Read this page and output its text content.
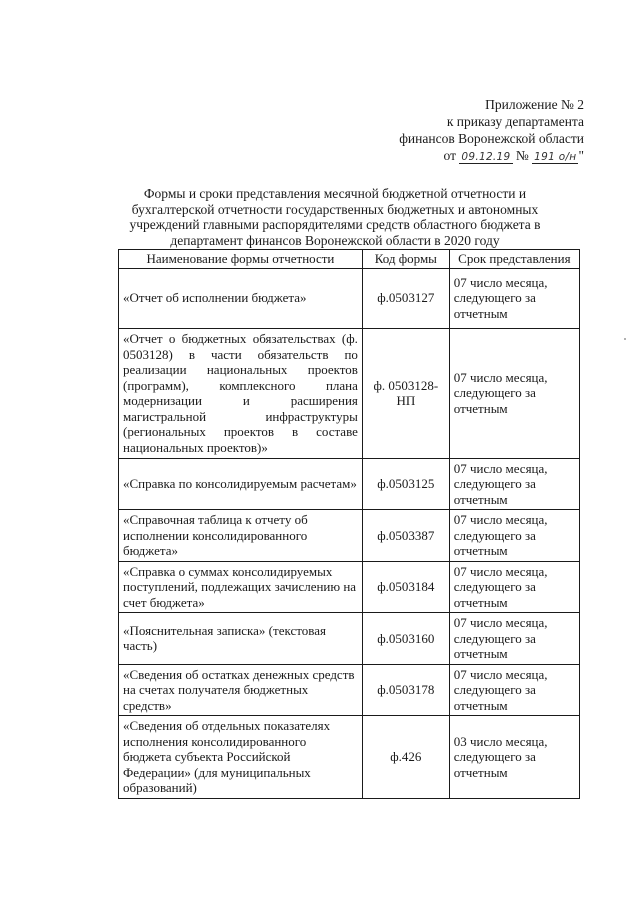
Приложение № 2
к приказу департамента
финансов Воронежской области
от 09.12.19 № 191 о/н "
Формы и сроки представления месячной бюджетной отчетности и
бухгалтерской отчетности государственных бюджетных и автономных
учреждений главными распорядителями средств областного бюджета в
департамент финансов Воронежской области в 2020 году
Наименование формы отчетности	Код формы	Срок представления
«Отчет об исполнении бюджета»	ф.0503127	07 число месяца, следующего за отчетным
«Отчет о бюджетных обязательствах (ф. 0503128) в части обязательств по реализации национальных проектов (программ), комплексного плана модернизации и расширения магистральной инфраструктуры (региональных проектов в составе национальных проектов)»	ф. 0503128-НП	07 число месяца, следующего за отчетным
«Справка по консолидируемым расчетам»	ф.0503125	07 число месяца, следующего за отчетным
«Справочная таблица к отчету об исполнении консолидированного бюджета»	ф.0503387	07 число месяца, следующего за отчетным
«Справка о суммах консолидируемых поступлений, подлежащих зачислению на счет бюджета»	ф.0503184	07 число месяца, следующего за отчетным
«Пояснительная записка» (текстовая часть)	ф.0503160	07 число месяца, следующего за отчетным
«Сведения об остатках денежных средств на счетах получателя бюджетных средств»	ф.0503178	07 число месяца, следующего за отчетным
«Сведения об отдельных показателях исполнения консолидированного бюджета субъекта Российской Федерации» (для муниципальных образований)	ф.426	03 число месяца, следующего за отчетным
